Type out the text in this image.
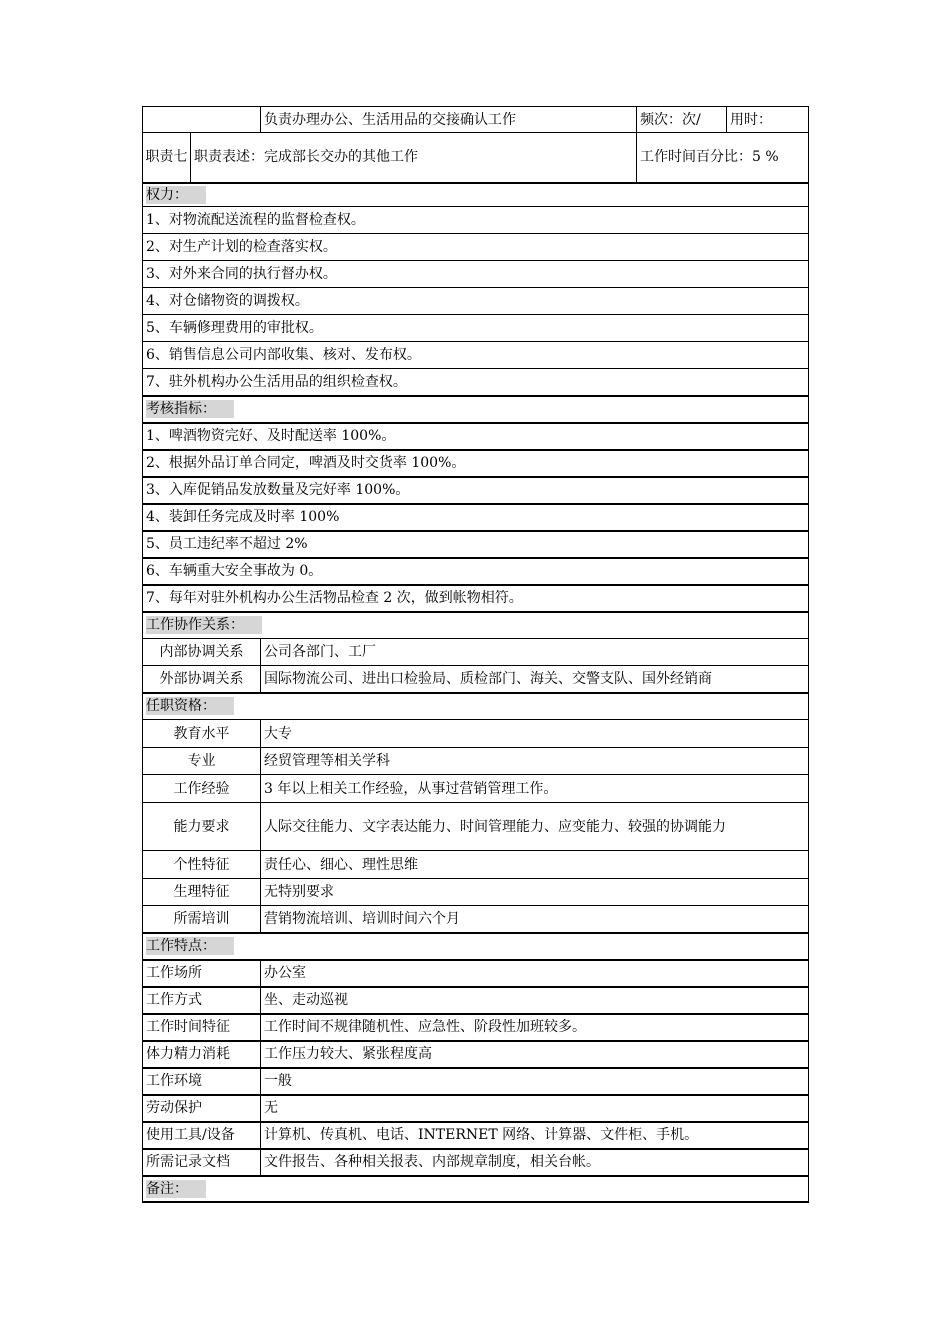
		负责办理办公、生活用品的交接确认工作	频次：次/	用时：
职责七	职责表述：完成部长交办的其他工作		工作时间百分比：5 %	
权力：				
1、对物流配送流程的监督检查权。				
2、对生产计划的检查落实权。				
3、对外来合同的执行督办权。				
4、对仓储物资的调拨权。				
5、车辆修理费用的审批权。				
6、销售信息公司内部收集、核对、发布权。				
7、驻外机构办公生活用品的组织检查权。				
考核指标：				
1、啤酒物资完好、及时配送率 100%。				
2、根据外品订单合同定，啤酒及时交货率 100%。				
3、入库促销品发放数量及完好率 100%。				
4、装卸任务完成及时率 100%				
5、员工违纪率不超过 2%				
6、车辆重大安全事故为 0。				
7、每年对驻外机构办公生活物品检查 2 次，做到帐物相符。				
工作协作关系：				
内部协调关系		公司各部门、工厂		
外部协调关系		国际物流公司、进出口检验局、质检部门、海关、交警支队、国外经销商		
任职资格：				
教育水平		大专		
专业		经贸管理等相关学科		
工作经验		3 年以上相关工作经验，从事过营销管理工作。		
能力要求		人际交往能力、文字表达能力、时间管理能力、应变能力、较强的协调能力		
个性特征		责任心、细心、理性思维		
生理特征		无特别要求		
所需培训		营销物流培训、培训时间六个月		
工作特点：				
工作场所		办公室		
工作方式		坐、走动巡视		
工作时间特征		工作时间不规律随机性、应急性、阶段性加班较多。		
体力精力消耗		工作压力较大、紧张程度高		
工作环境		一般		
劳动保护		无		
使用工具/设备		计算机、传真机、电话、INTERNET 网络、计算器、文件柜、手机。		
所需记录文档		文件报告、各种相关报表、内部规章制度，相关台帐。		
备注：				
